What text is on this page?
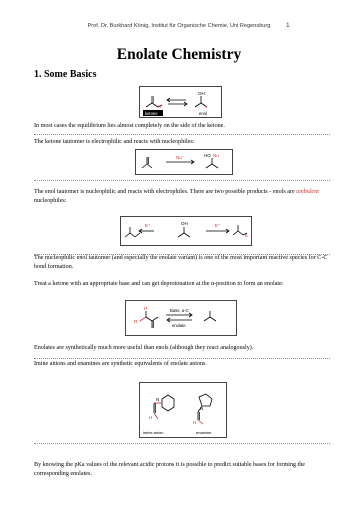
Prof. Dr. Burkhard König, Institut für Organische Chemie, Uni Regensburg	1
Enolate Chemistry
1. Some Basics
H
OH
ketone	enol
In most cases the equilibrium lies almost completely on the side of the ketone.
The ketone tautomer is electrophilic and reacts with nucleophiles:
Nu⁻	HO Nu
The enol tautomer is nucleophilic and reacts with electrophiles. There are two possible products - enols are ambident nucleophiles:
E⁺	OH	E⁺
E
The nucleophilic enol tautomer (and especially the enolate variant) is one of the most important reactive species for C-C bond formation.
Treat a ketone with an appropriate base and can get deprotonation at the α-position to form an enolate:
R
H	Base, α-C
enolate
Enolates are synthetically much more useful than enols (although they react analogously).
Imine anions and enamines are synthetic equivalents of enolate anions.
⁻
N
H
N
H
imine anion	enamine
By knowing the pKa values of the relevant acidic protons it is possible to predict suitable bases for forming the corresponding enolates.
